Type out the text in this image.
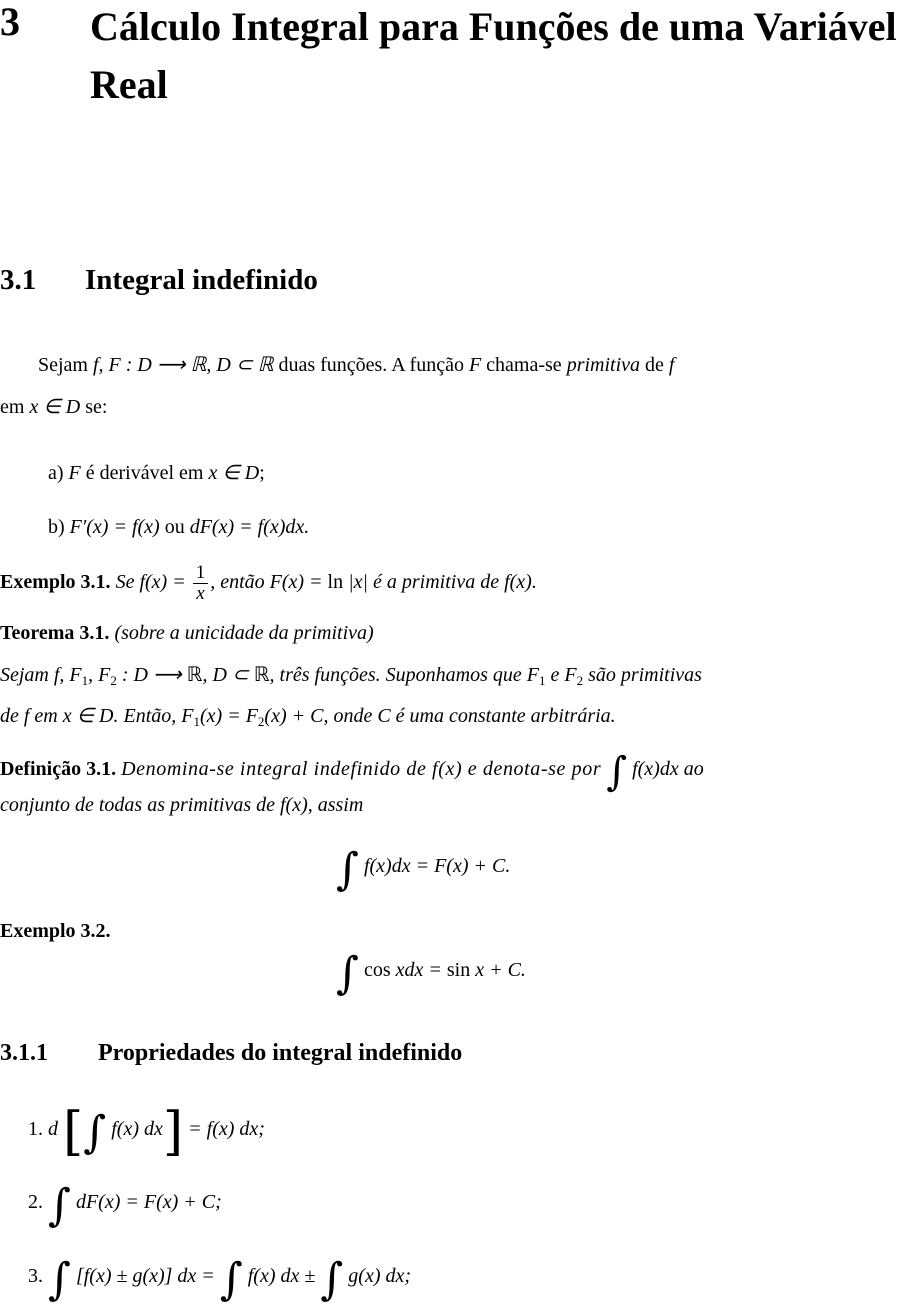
3 Cálculo Integral para Funções de uma Variável Real
3.1 Integral indefinido
Sejam f, F : D ⟶ ℝ, D ⊂ ℝ duas funções. A função F chama-se primitiva de f
em x ∈ D se:
a) F é derivável em x ∈ D;
b) F′(x) = f(x) ou dF(x) = f(x)dx.
Exemplo 3.1. Se $f(x) = \frac{1}{x}$ , então F(x) = ln |x| é a primitiva de f(x).
Teorema 3.1. (sobre a unicidade da primitiva)
Sejam f, $F_1$, $F_2$ : D ⟶ ℝ, D ⊂ ℝ, três funções. Suponhamos que $F_1$ e $F_2$ são primitivas
de f em x ∈ D. Então, $F_1(x) = F_2(x) + C$, onde C é uma constante arbitrária.
Definição 3.1. Denomina-se integral indefinido de f(x) e denota-se por ∫ f(x)dx ao
conjunto de todas as primitivas de f(x), assim
∫ f(x)dx = F(x) + C.
Exemplo 3.2.
∫ cos xdx = sin x + C.
3.1.1 Propriedades do integral indefinido
1. d [∫ f(x) dx] = f(x) dx;
2. ∫ dF(x) = F(x) + C;
3. ∫ [f(x) ± g(x)] dx = ∫ f(x) dx ± ∫ g(x) dx;
